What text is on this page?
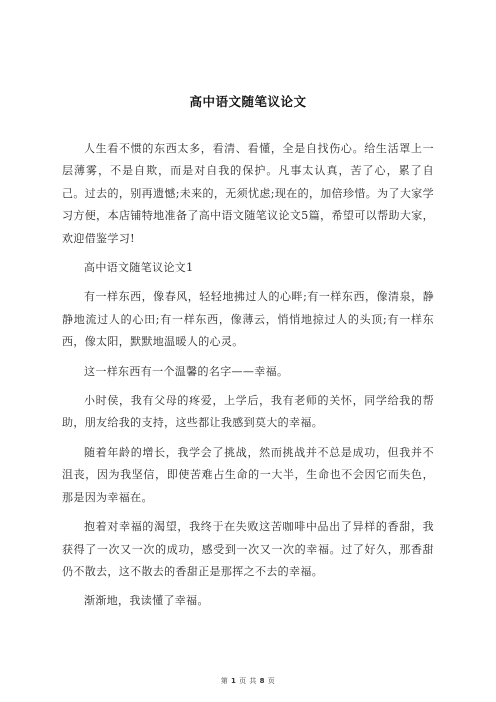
高中语文随笔议论文

人生看不惯的东西太多，看清、看懂，全是自找伤心。给生活罩上一层薄雾，不是自欺，而是对自我的保护。凡事太认真，苦了心，累了自己。过去的，别再遗憾;未来的，无须忧虑;现在的，加倍珍惜。为了大家学习方便，本店铺特地准备了高中语文随笔议论文5篇，希望可以帮助大家，欢迎借鉴学习!

高中语文随笔议论文1

有一样东西，像春风，轻轻地拂过人的心畔;有一样东西，像清泉，静静地流过人的心田;有一样东西，像薄云，悄悄地掠过人的头顶;有一样东西，像太阳，默默地温暖人的心灵。

这一样东西有一个温馨的名字——幸福。

小时侯，我有父母的疼爱，上学后，我有老师的关怀，同学给我的帮助，朋友给我的支持，这些都让我感到莫大的幸福。

随着年龄的增长，我学会了挑战，然而挑战并不总是成功，但我并不沮丧，因为我坚信，即使苦难占生命的一大半，生命也不会因它而失色，那是因为幸福在。

抱着对幸福的渴望，我终于在失败这苦咖啡中品出了异样的香甜，我获得了一次又一次的成功，感受到一次又一次的幸福。过了好久，那香甜仍不散去，这不散去的香甜正是那挥之不去的幸福。

渐渐地，我读懂了幸福。

第 1 页 共 8 页
